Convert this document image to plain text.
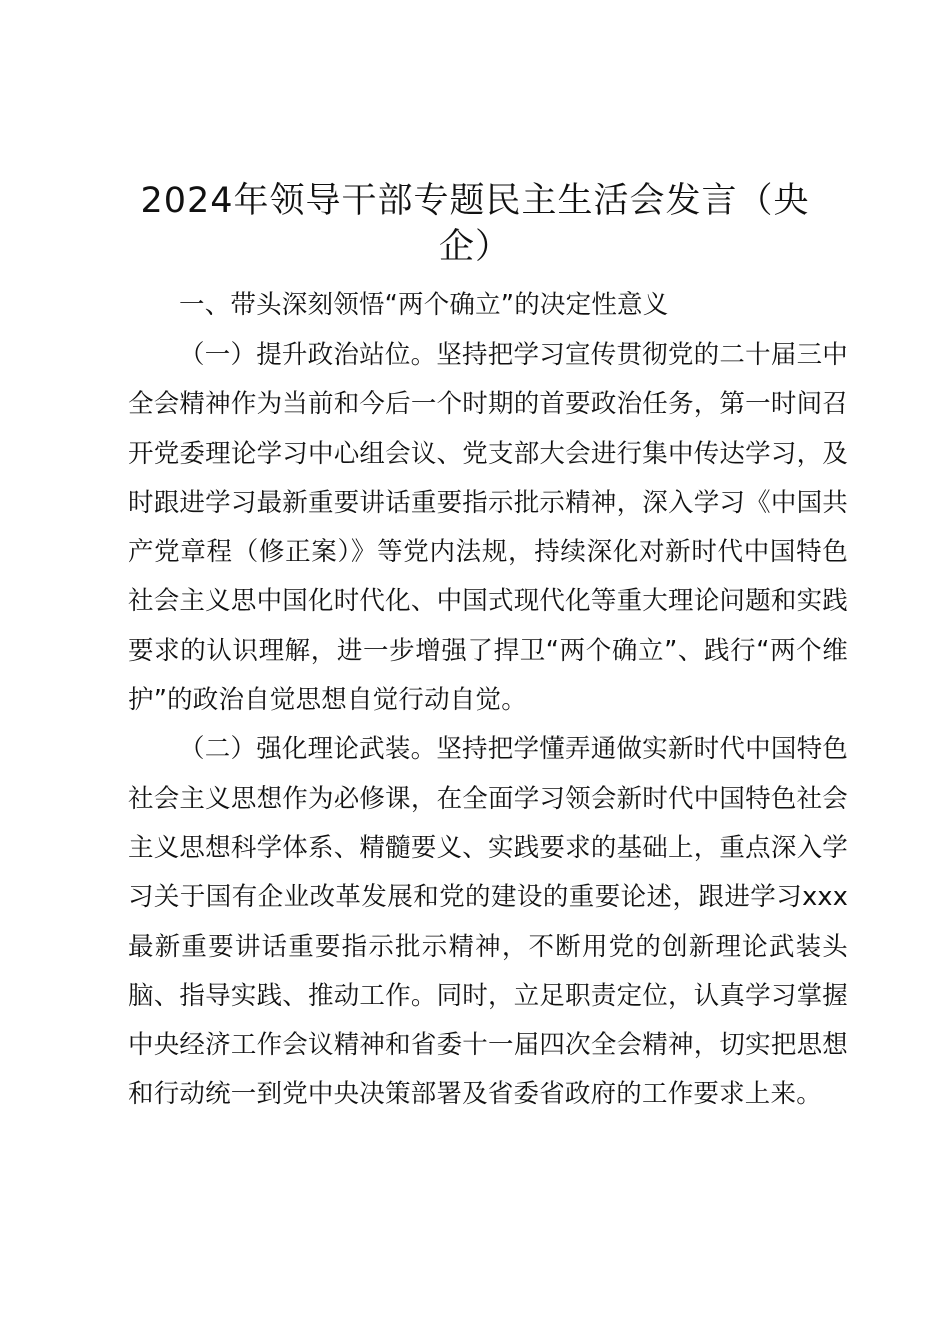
2024年领导干部专题民主生活会发言（央企）

一、带头深刻领悟“两个确立”的决定性意义

（一）提升政治站位。坚持把学习宣传贯彻党的二十届三中全会精神作为当前和今后一个时期的首要政治任务，第一时间召开党委理论学习中心组会议、党支部大会进行集中传达学习，及时跟进学习最新重要讲话重要指示批示精神，深入学习《中国共产党章程（修正案）》等党内法规，持续深化对新时代中国特色社会主义思中国化时代化、中国式现代化等重大理论问题和实践要求的认识理解，进一步增强了捍卫“两个确立”、践行“两个维护”的政治自觉思想自觉行动自觉。

（二）强化理论武装。坚持把学懂弄通做实新时代中国特色社会主义思想作为必修课，在全面学习领会新时代中国特色社会主义思想科学体系、精髓要义、实践要求的基础上，重点深入学习关于国有企业改革发展和党的建设的重要论述，跟进学习xxx最新重要讲话重要指示批示精神，不断用党的创新理论武装头脑、指导实践、推动工作。同时，立足职责定位，认真学习掌握中央经济工作会议精神和省委十一届四次全会精神，切实把思想和行动统一到党中央决策部署及省委省政府的工作要求上来。
